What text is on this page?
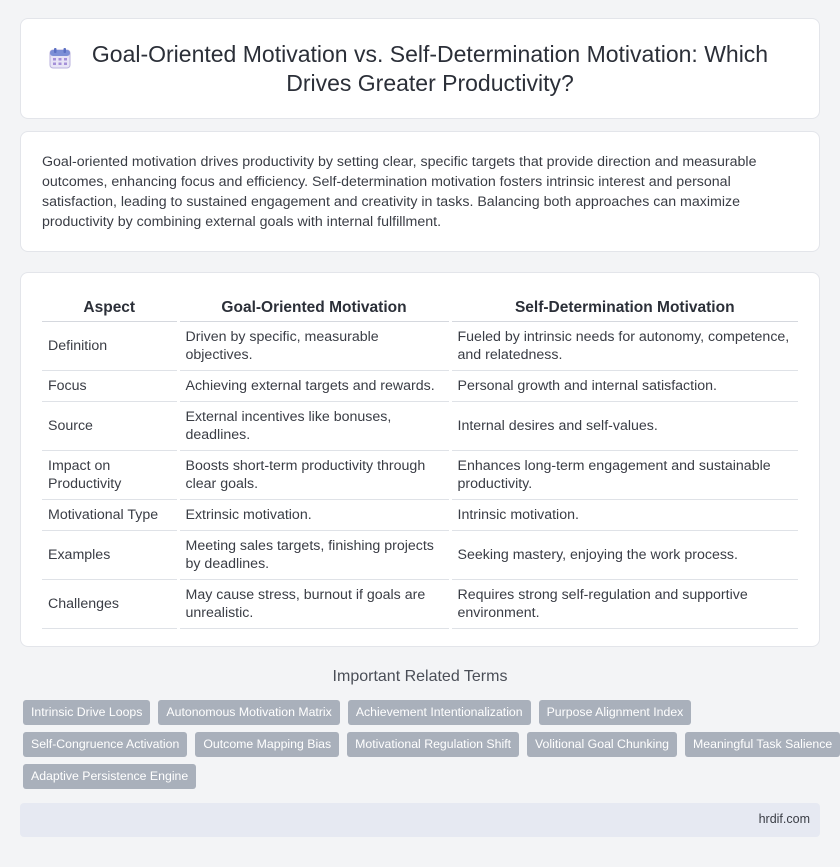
Goal-Oriented Motivation vs. Self-Determination Motivation: Which Drives Greater Productivity?

Goal-oriented motivation drives productivity by setting clear, specific targets that provide direction and measurable outcomes, enhancing focus and efficiency. Self-determination motivation fosters intrinsic interest and personal satisfaction, leading to sustained engagement and creativity in tasks. Balancing both approaches can maximize productivity by combining external goals with internal fulfillment.

Aspect	Goal-Oriented Motivation	Self-Determination Motivation
Definition	Driven by specific, measurable objectives.	Fueled by intrinsic needs for autonomy, competence, and relatedness.
Focus	Achieving external targets and rewards.	Personal growth and internal satisfaction.
Source	External incentives like bonuses, deadlines.	Internal desires and self-values.
Impact on Productivity	Boosts short-term productivity through clear goals.	Enhances long-term engagement and sustainable productivity.
Motivational Type	Extrinsic motivation.	Intrinsic motivation.
Examples	Meeting sales targets, finishing projects by deadlines.	Seeking mastery, enjoying the work process.
Challenges	May cause stress, burnout if goals are unrealistic.	Requires strong self-regulation and supportive environment.
Important Related Terms
Intrinsic Drive Loops	Autonomous Motivation Matrix	Achievement Intentionalization	Purpose Alignment Index
Self-Congruence Activation	Outcome Mapping Bias	Motivational Regulation Shift	Volitional Goal Chunking	Meaningful Task Salience
Adaptive Persistence Engine
hrdif.com
